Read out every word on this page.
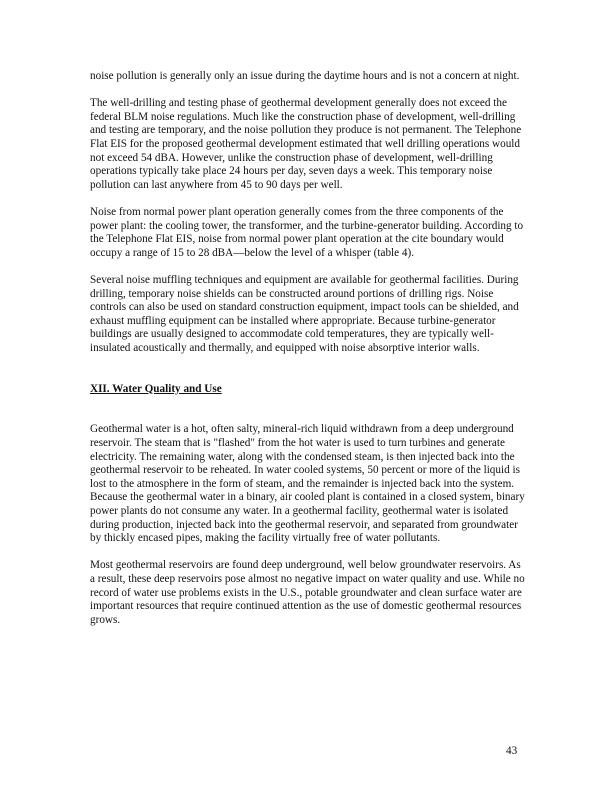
noise pollution is generally only an issue during the daytime hours and is not a concern at night.

The well-drilling and testing phase of geothermal development generally does not exceed the federal BLM noise regulations. Much like the construction phase of development, well-drilling and testing are temporary, and the noise pollution they produce is not permanent. The Telephone Flat EIS for the proposed geothermal development estimated that well drilling operations would not exceed 54 dBA. However, unlike the construction phase of development, well-drilling operations typically take place 24 hours per day, seven days a week. This temporary noise pollution can last anywhere from 45 to 90 days per well.

Noise from normal power plant operation generally comes from the three components of the power plant: the cooling tower, the transformer, and the turbine-generator building. According to the Telephone Flat EIS, noise from normal power plant operation at the cite boundary would occupy a range of 15 to 28 dBA—below the level of a whisper (table 4).

Several noise muffling techniques and equipment are available for geothermal facilities. During drilling, temporary noise shields can be constructed around portions of drilling rigs. Noise controls can also be used on standard construction equipment, impact tools can be shielded, and exhaust muffling equipment can be installed where appropriate. Because turbine-generator buildings are usually designed to accommodate cold temperatures, they are typically well-insulated acoustically and thermally, and equipped with noise absorptive interior walls.

XII. Water Quality and Use

Geothermal water is a hot, often salty, mineral-rich liquid withdrawn from a deep underground reservoir. The steam that is "flashed" from the hot water is used to turn turbines and generate electricity. The remaining water, along with the condensed steam, is then injected back into the geothermal reservoir to be reheated. In water cooled systems, 50 percent or more of the liquid is lost to the atmosphere in the form of steam, and the remainder is injected back into the system. Because the geothermal water in a binary, air cooled plant is contained in a closed system, binary power plants do not consume any water. In a geothermal facility, geothermal water is isolated during production, injected back into the geothermal reservoir, and separated from groundwater by thickly encased pipes, making the facility virtually free of water pollutants.

Most geothermal reservoirs are found deep underground, well below groundwater reservoirs. As a result, these deep reservoirs pose almost no negative impact on water quality and use. While no record of water use problems exists in the U.S., potable groundwater and clean surface water are important resources that require continued attention as the use of domestic geothermal resources grows.

43
